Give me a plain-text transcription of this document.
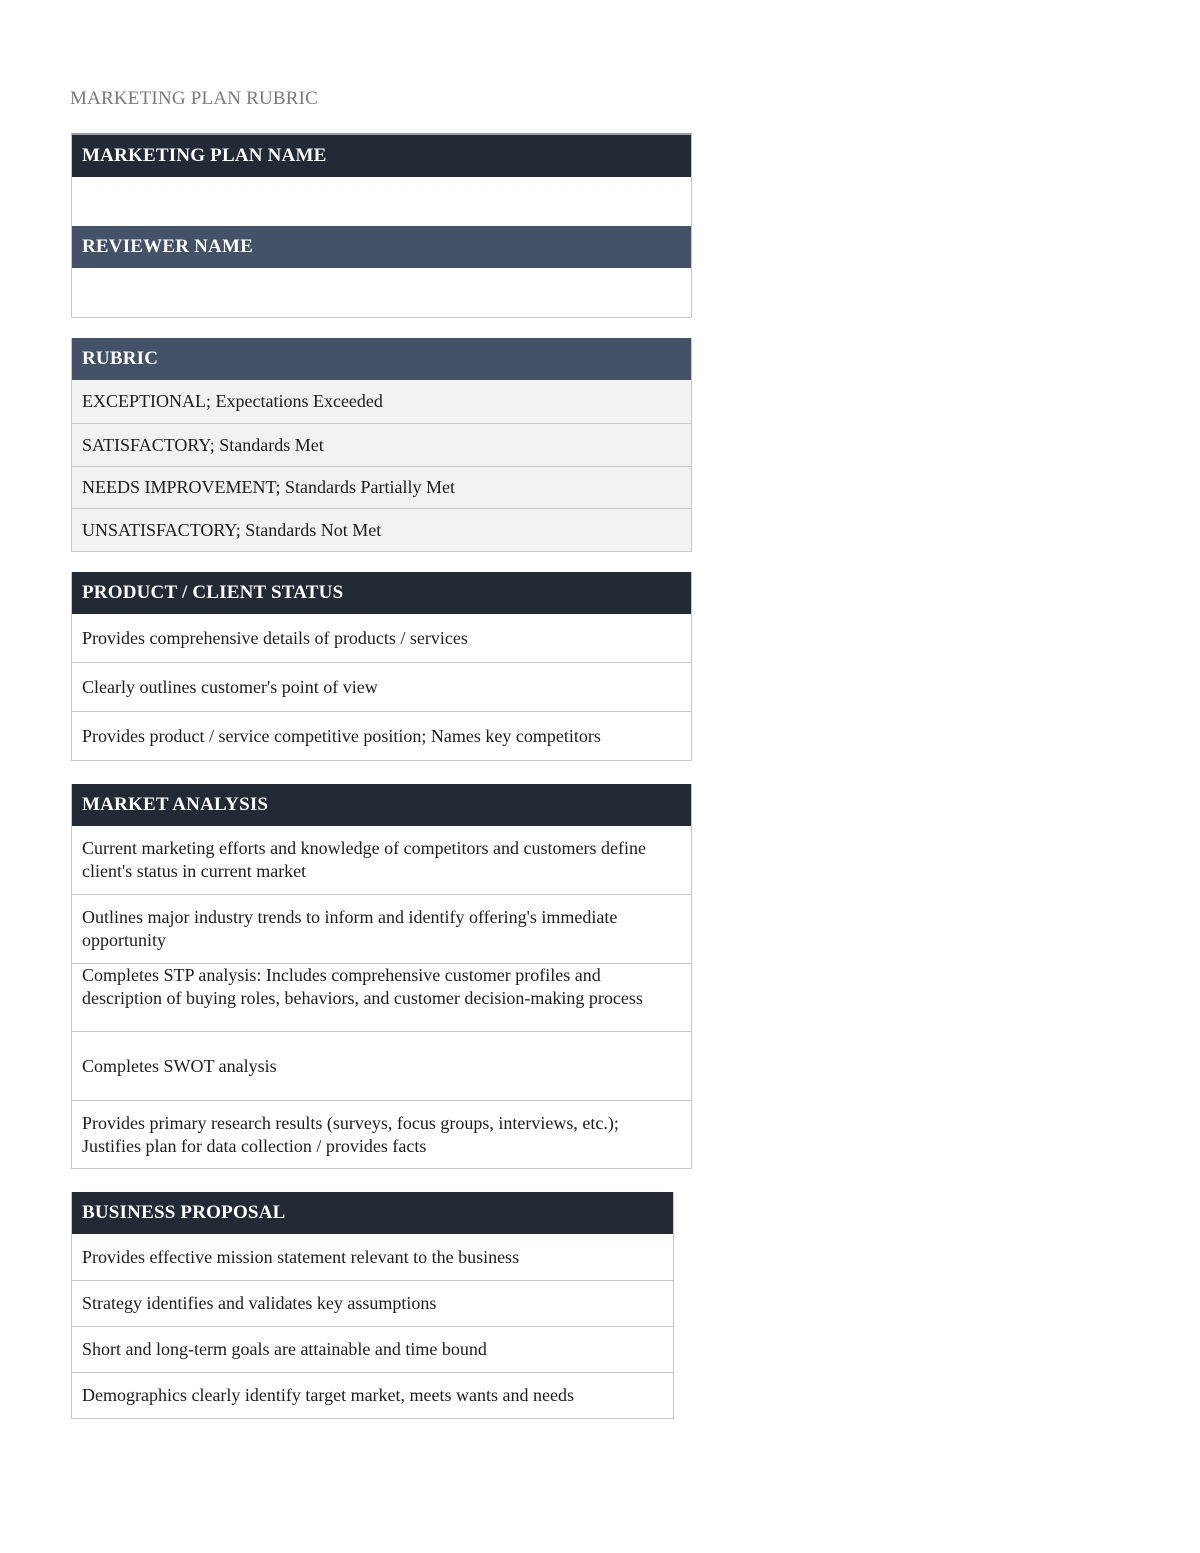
MARKETING PLAN RUBRIC
MARKETING PLAN NAME
REVIEWER NAME
RUBRIC
EXCEPTIONAL; Expectations Exceeded
SATISFACTORY; Standards Met
NEEDS IMPROVEMENT; Standards Partially Met
UNSATISFACTORY; Standards Not Met
PRODUCT / CLIENT STATUS
Provides comprehensive details of products / services
Clearly outlines customer's point of view
Provides product / service competitive position; Names key competitors
MARKET ANALYSIS
Current marketing efforts and knowledge of competitors and customers define client's status in current market
Outlines major industry trends to inform and identify offering's immediate opportunity
Completes STP analysis: Includes comprehensive customer profiles and description of buying roles, behaviors, and customer decision-making process
Completes SWOT analysis
Provides primary research results (surveys, focus groups, interviews, etc.); Justifies plan for data collection / provides facts
BUSINESS PROPOSAL
Provides effective mission statement relevant to the business
Strategy identifies and validates key assumptions
Short and long-term goals are attainable and time bound
Demographics clearly identify target market, meets wants and needs
